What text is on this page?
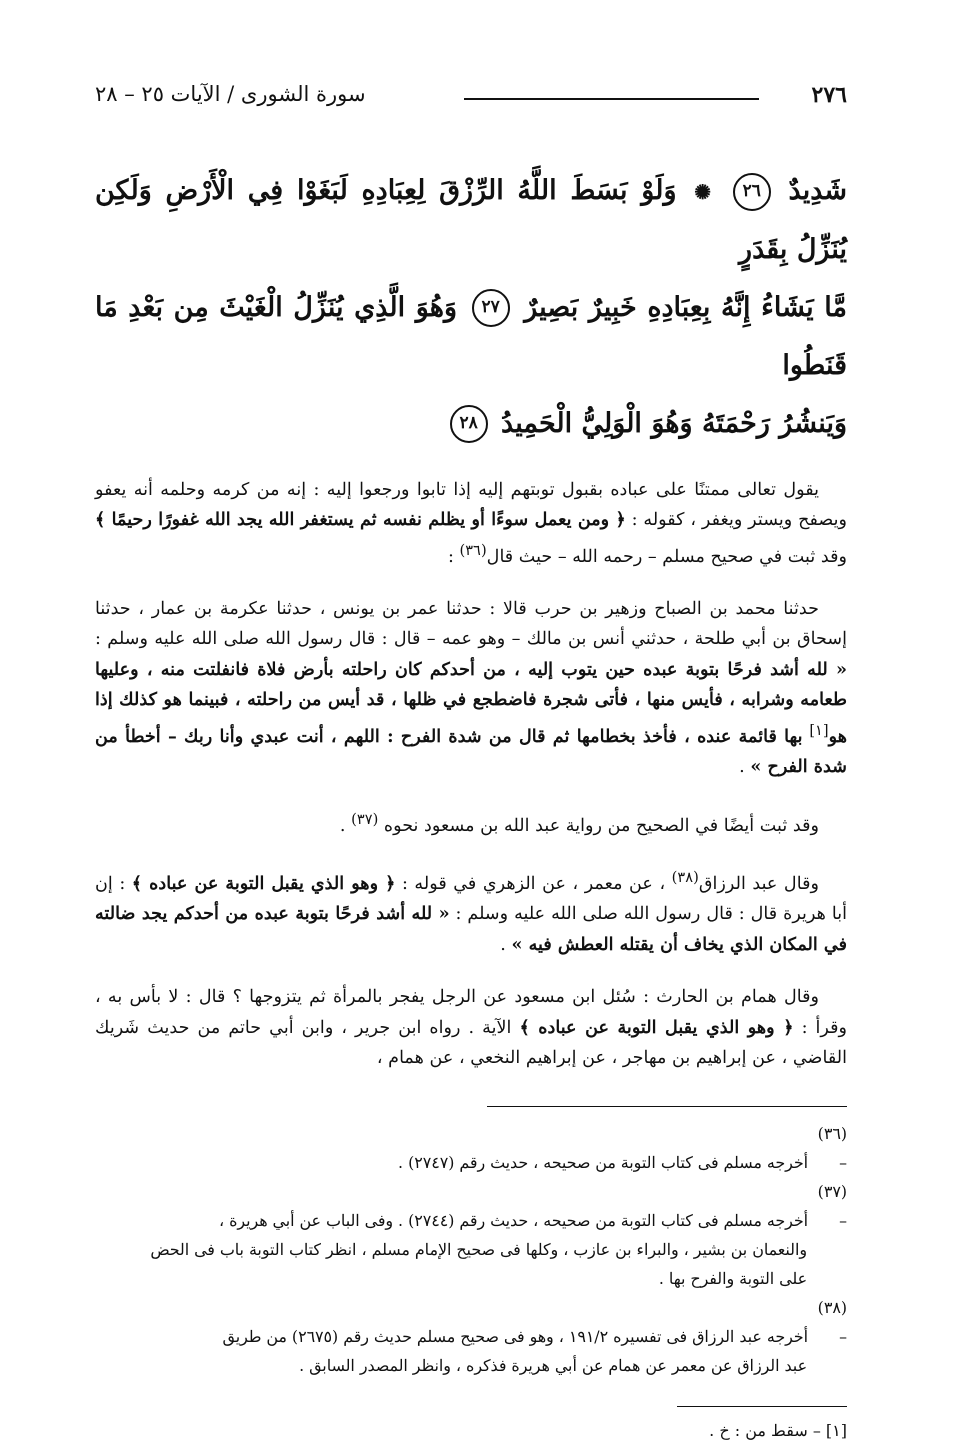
٢٧٦
سورة الشورى / الآيات ٢٥ – ٢٨

شَدِيدٌ ٢٦ ✺ وَلَوْ بَسَطَ اللَّهُ الرِّزْقَ لِعِبَادِهِ لَبَغَوْا فِي الْأَرْضِ وَلَكِن يُنَزِّلُ بِقَدَرٍ

مَّا يَشَاءُ إِنَّهُ بِعِبَادِهِ خَبِيرٌ بَصِيرٌ ٢٧ وَهُوَ الَّذِي يُنَزِّلُ الْغَيْثَ مِن بَعْدِ مَا قَنَطُوا

وَيَنشُرُ رَحْمَتَهُ وَهُوَ الْوَلِيُّ الْحَمِيدُ ٢٨

يقول تعالى ممتنًا على عباده بقبول توبتهم إليه إذا تابوا ورجعوا إليه : إنه من كرمه وحلمه أنه يعفو ويصفح ويستر ويغفر ، كقوله : ﴿ ومن يعمل سوءًا أو يظلم نفسه ثم يستغفر الله يجد الله غفورًا رحيمًا ﴾ وقد ثبت في صحيح مسلم – رحمه الله – حيث قال$^{(٣٦)}$ :

حدثنا محمد بن الصباح وزهير بن حرب قالا : حدثنا عمر بن يونس ، حدثنا عكرمة بن عمار ، حدثنا إسحاق بن أبي طلحة ، حدثني أنس بن مالك – وهو عمه – قال : قال رسول الله صلى الله عليه وسلم : « لله أشد فرحًا بتوبة عبده حين يتوب إليه ، من أحدكم كان راحلته بأرض فلاة فانفلتت منه ، وعليها طعامه وشرابه ، فأيس منها ، فأتى شجرة فاضطجع في ظلها ، قد أيس من راحلته ، فبينما هو كذلك إذا هو[١] بها قائمة عنده ، فأخذ بخطامها ثم قال من شدة الفرح : اللهم ، أنت عبدي وأنا ربك – أخطأ من شدة الفرح » .

وقد ثبت أيضًا في الصحيح من رواية عبد الله بن مسعود نحوه $^{(٣٧)}$ .

وقال عبد الرزاق$^{(٣٨)}$ ، عن معمر ، عن الزهري في قوله : ﴿ وهو الذي يقبل التوبة عن عباده ﴾ : إن أبا هريرة قال : قال رسول الله صلى الله عليه وسلم : « لله أشد فرحًا بتوبة عبده من أحدكم يجد ضالته في المكان الذي يخاف أن يقتله العطش فيه » .

وقال همام بن الحارث : سُئل ابن مسعود عن الرجل يفجر بالمرأة ثم يتزوجها ؟ قال : لا بأس به ، وقرأ : ﴿ وهو الذي يقبل التوبة عن عباده ﴾ الآية . رواه ابن جرير ، وابن أبي حاتم من حديث شَريك القاضي ، عن إبراهيم بن مهاجر ، عن إبراهيم النخعي ، عن همام ،

(٣٦) – أخرجه مسلم فى كتاب التوبة من صحيحه ، حديث رقم (٢٧٤٧) .

(٣٧) – أخرجه مسلم فى كتاب التوبة من صحيحه ، حديث رقم (٢٧٤٤) . وفى الباب عن أبي هريرة ،

والنعمان بن بشير ، والبراء بن عازب ، وكلها فى صحيح الإمام مسلم ، انظر كتاب التوبة باب فى الحض

على التوبة والفرح بها .

(٣٨) – أخرجه عبد الرزاق فى تفسيره ١٩١/٢ ، وهو فى صحيح مسلم حديث رقم (٢٦٧٥) من طريق

عبد الرزاق عن معمر عن همام عن أبي هريرة فذكره ، وانظر المصدر السابق .

[١] – سقط من : خ .
